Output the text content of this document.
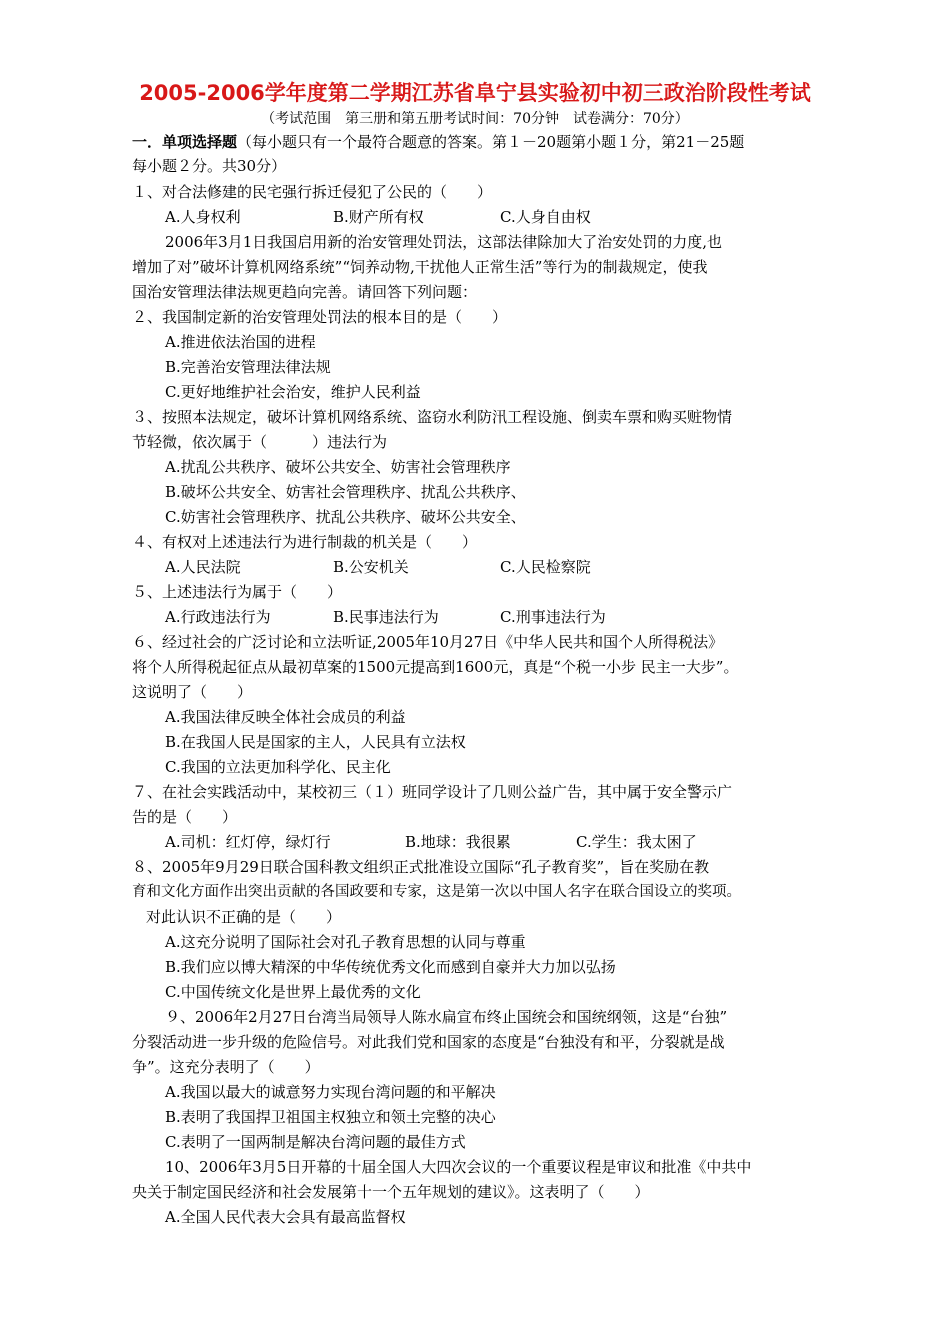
2005-2006学年度第二学期江苏省阜宁县实验初中初三政治阶段性考试
（考试范围　第三册和第五册考试时间：70分钟　试卷满分：70分）
一．单项选择题（每小题只有一个最符合题意的答案。第１－20题第小题１分，第21－25题
每小题２分。共30分）
１、对合法修建的民宅强行拆迁侵犯了公民的（　　）
A.人身权利	B.财产所有权	C.人身自由权
2006年3月1日我国启用新的治安管理处罚法，这部法律除加大了治安处罚的力度,也
增加了对”破坏计算机网络系统”“饲养动物,干扰他人正常生活”等行为的制裁规定，使我
国治安管理法律法规更趋向完善。请回答下列问题：
２、我国制定新的治安管理处罚法的根本目的是（　　）
A.推进依法治国的进程
B.完善治安管理法律法规
C.更好地维护社会治安，维护人民利益
３、按照本法规定，破坏计算机网络系统、盗窃水利防汛工程设施、倒卖车票和购买赃物情
节轻微，依次属于（　　　）违法行为
A.扰乱公共秩序、破坏公共安全、妨害社会管理秩序
B.破坏公共安全、妨害社会管理秩序、扰乱公共秩序、
C.妨害社会管理秩序、扰乱公共秩序、破坏公共安全、
４、有权对上述违法行为进行制裁的机关是（　　）
A.人民法院	B.公安机关	C.人民检察院
５、上述违法行为属于（　　）
A.行政违法行为	B.民事违法行为	C.刑事违法行为
６、经过社会的广泛讨论和立法听证,2005年10月27日《中华人民共和国个人所得税法》
将个人所得税起征点从最初草案的1500元提高到1600元，真是“个税一小步 民主一大步”。
这说明了（　　）
A.我国法律反映全体社会成员的利益
B.在我国人民是国家的主人，人民具有立法权
C.我国的立法更加科学化、民主化
７、在社会实践活动中，某校初三（１）班同学设计了几则公益广告，其中属于安全警示广
告的是（　　）
A.司机：红灯停，绿灯行	B.地球：我很累	C.学生：我太困了
８、2005年9月29日联合国科教文组织正式批准设立国际“孔子教育奖”，旨在奖励在教
育和文化方面作出突出贡献的各国政要和专家，这是第一次以中国人名字在联合国设立的奖项。
对此认识不正确的是（　　）
A.这充分说明了国际社会对孔子教育思想的认同与尊重
B.我们应以博大精深的中华传统优秀文化而感到自豪并大力加以弘扬
C.中国传统文化是世界上最优秀的文化
９、2006年2月27日台湾当局领导人陈水扁宣布终止国统会和国统纲领，这是“台独”
分裂活动进一步升级的危险信号。对此我们党和国家的态度是“台独没有和平，分裂就是战
争”。这充分表明了（　　）
A.我国以最大的诚意努力实现台湾问题的和平解决
B.表明了我国捍卫祖国主权独立和领土完整的决心
C.表明了一国两制是解决台湾问题的最佳方式
10、2006年3月5日开幕的十届全国人大四次会议的一个重要议程是审议和批准《中共中
央关于制定国民经济和社会发展第十一个五年规划的建议》。这表明了（　　）
A.全国人民代表大会具有最高监督权
